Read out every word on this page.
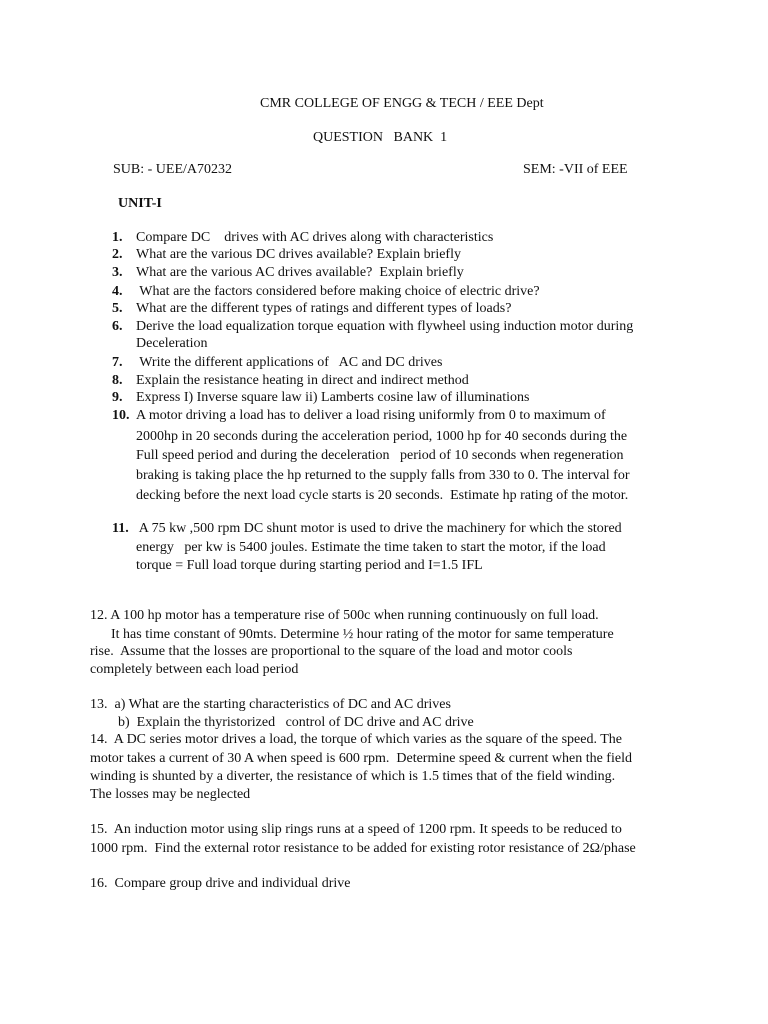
CMR COLLEGE OF ENGG & TECH / EEE Dept
QUESTION   BANK  1
SUB: - UEE/A70232	SEM: -VII of EEE
UNIT-I
1. Compare DC    drives with AC drives along with characteristics
2. What are the various DC drives available? Explain briefly
3. What are the various AC drives available?  Explain briefly
4. What are the factors considered before making choice of electric drive?
5. What are the different types of ratings and different types of loads?
6. Derive the load equalization torque equation with flywheel using induction motor during
Deceleration
7. Write the different applications of   AC and DC drives
8. Explain the resistance heating in direct and indirect method
9. Express I) Inverse square law ii) Lamberts cosine law of illuminations
10. A motor driving a load has to deliver a load rising uniformly from 0 to maximum of
2000hp in 20 seconds during the acceleration period, 1000 hp for 40 seconds during the
Full speed period and during the deceleration   period of 10 seconds when regeneration
braking is taking place the hp returned to the supply falls from 330 to 0. The interval for
decking before the next load cycle starts is 20 seconds.  Estimate hp rating of the motor.
11. A 75 kw ,500 rpm DC shunt motor is used to drive the machinery for which the stored
energy   per kw is 5400 joules. Estimate the time taken to start the motor, if the load
torque = Full load torque during starting period and I=1.5 IFL
12. A 100 hp motor has a temperature rise of 500c when running continuously on full load.
It has time constant of 90mts. Determine ½ hour rating of the motor for same temperature
rise.  Assume that the losses are proportional to the square of the load and motor cools
completely between each load period
13.  a) What are the starting characteristics of DC and AC drives
b)  Explain the thyristorized   control of DC drive and AC drive
14.  A DC series motor drives a load, the torque of which varies as the square of the speed. The
motor takes a current of 30 A when speed is 600 rpm.  Determine speed & current when the field
winding is shunted by a diverter, the resistance of which is 1.5 times that of the field winding.
The losses may be neglected
15.  An induction motor using slip rings runs at a speed of 1200 rpm. It speeds to be reduced to
1000 rpm.  Find the external rotor resistance to be added for existing rotor resistance of 2Ω/phase
16.  Compare group drive and individual drive
